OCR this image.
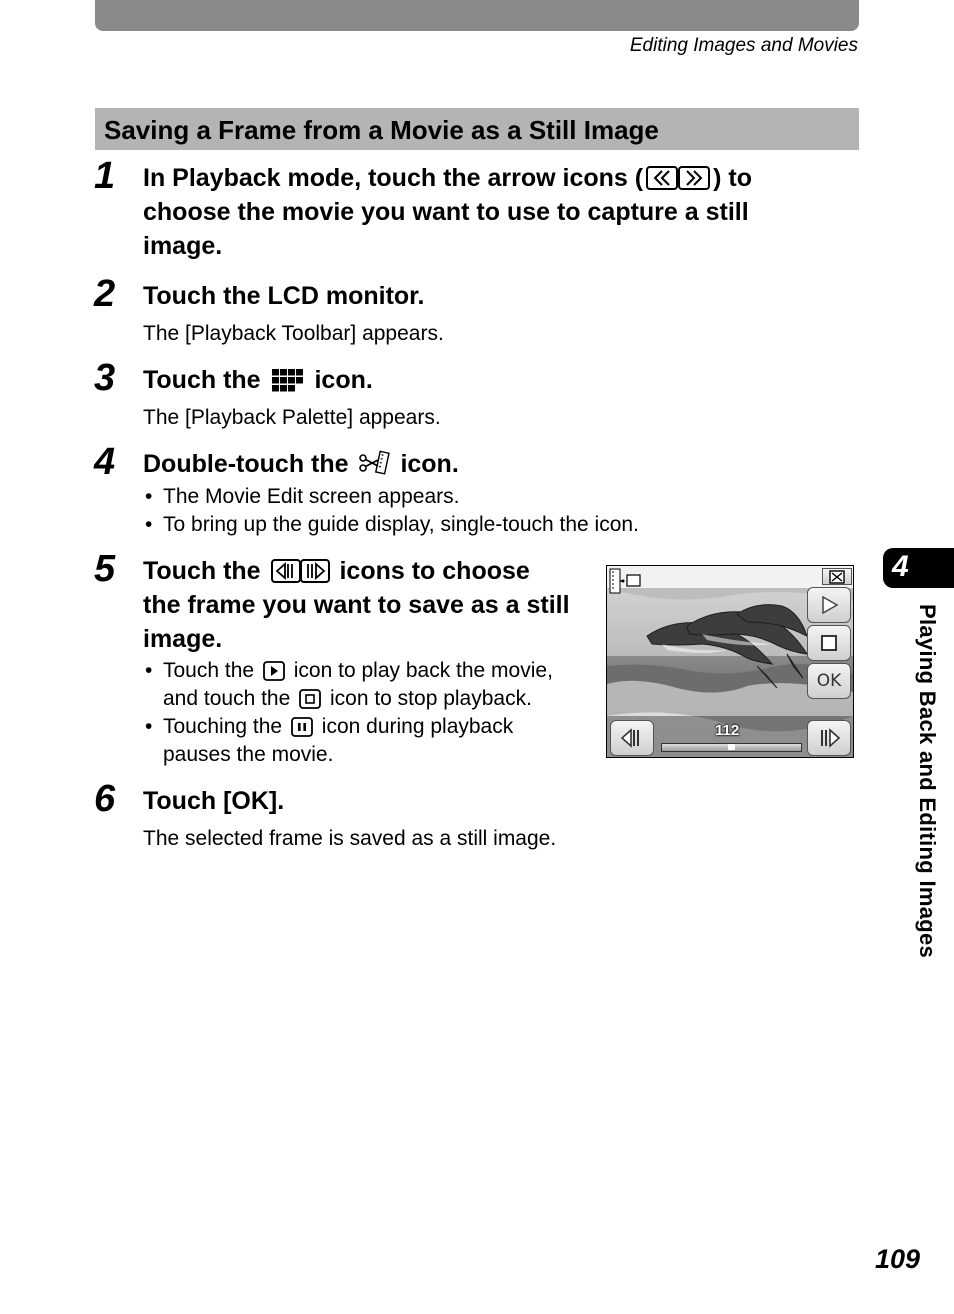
Editing Images and Movies
Saving a Frame from a Movie as a Still Image
1 In Playback mode, touch the arrow icons (	) to
choose the movie you want to use to capture a still
image.
2 Touch the LCD monitor.
The [Playback Toolbar] appears.
3 Touch the icon.
The [Playback Palette] appears.
4 Double-touch the icon.
• The Movie Edit screen appears.
• To bring up the guide display, single-touch the icon.
5 Touch the	icons to choose
the frame you want to save as a still
image.
• Touch the icon to play back the movie,
and touch the icon to stop playback.
• Touching the icon during playback
pauses the movie.
OK
112
6 Touch [OK].
The selected frame is saved as a still image.
4
Playing Back and Editing Images
109
